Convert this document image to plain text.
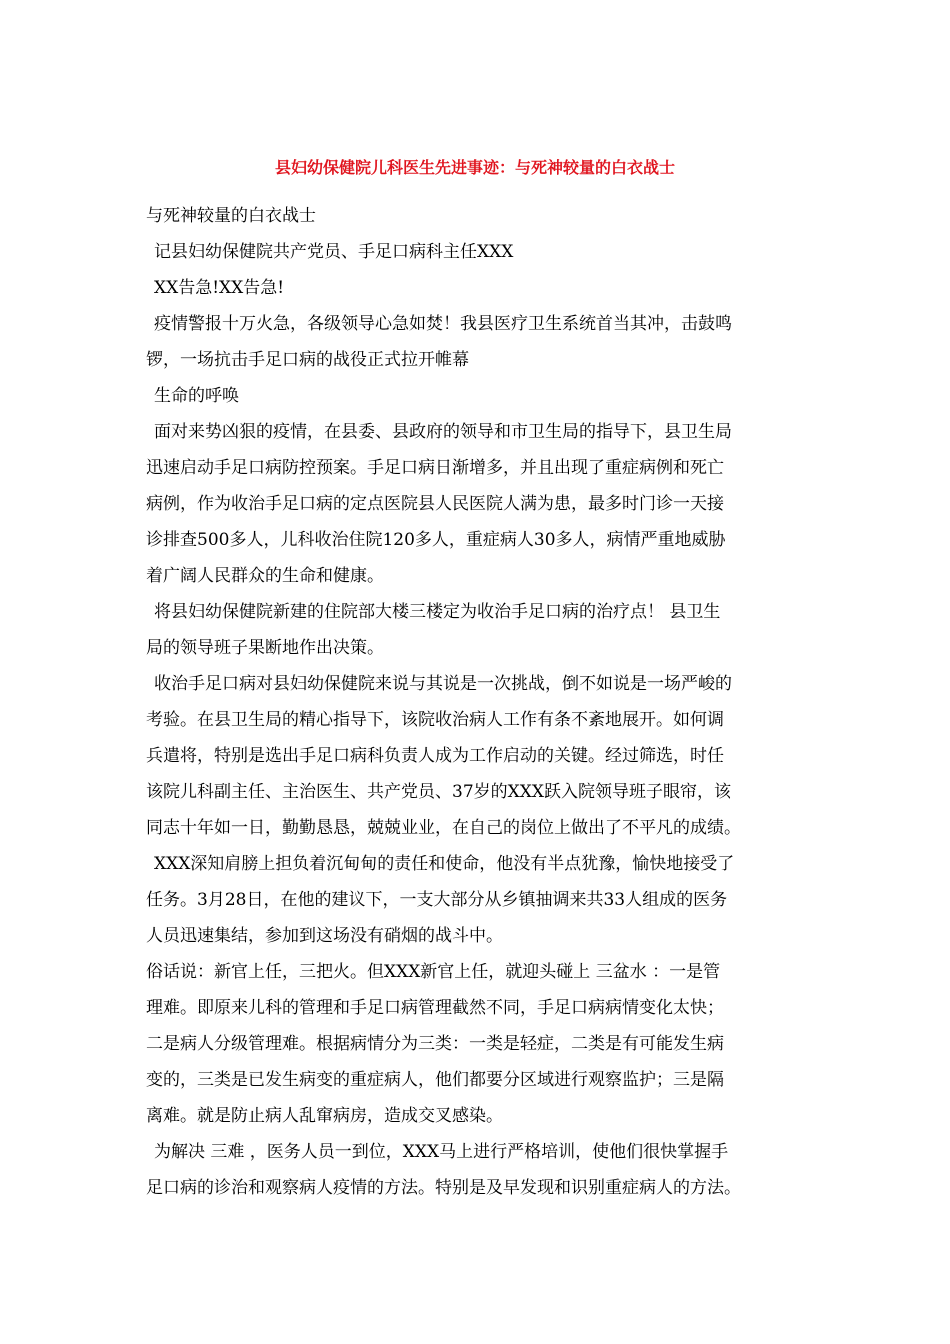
县妇幼保健院儿科医生先进事迹：与死神较量的白衣战士
与死神较量的白衣战士
记县妇幼保健院共产党员、手足口病科主任XXX
XX告急!XX告急!
疫情警报十万火急，各级领导心急如焚！我县医疗卫生系统首当其冲，击鼓鸣
锣，一场抗击手足口病的战役正式拉开帷幕
生命的呼唤
面对来势凶狠的疫情，在县委、县政府的领导和市卫生局的指导下，县卫生局
迅速启动手足口病防控预案。手足口病日渐增多，并且出现了重症病例和死亡
病例，作为收治手足口病的定点医院县人民医院人满为患，最多时门诊一天接
诊排查500多人，儿科收治住院120多人，重症病人30多人，病情严重地威胁
着广阔人民群众的生命和健康。
将县妇幼保健院新建的住院部大楼三楼定为收治手足口病的治疗点！ 县卫生
局的领导班子果断地作出决策。
收治手足口病对县妇幼保健院来说与其说是一次挑战，倒不如说是一场严峻的
考验。在县卫生局的精心指导下，该院收治病人工作有条不紊地展开。如何调
兵遣将，特别是选出手足口病科负责人成为工作启动的关键。经过筛选，时任
该院儿科副主任、主治医生、共产党员、37岁的XXX跃入院领导班子眼帘，该
同志十年如一日，勤勤恳恳，兢兢业业，在自己的岗位上做出了不平凡的成绩。
XXX深知肩膀上担负着沉甸甸的责任和使命，他没有半点犹豫，愉快地接受了
任务。3月28日，在他的建议下，一支大部分从乡镇抽调来共33人组成的医务
人员迅速集结，参加到这场没有硝烟的战斗中。
俗话说：新官上任，三把火。但XXX新官上任，就迎头碰上 三盆水 ：一是管
理难。即原来儿科的管理和手足口病管理截然不同，手足口病病情变化太快；
二是病人分级管理难。根据病情分为三类：一类是轻症，二类是有可能发生病
变的，三类是已发生病变的重症病人，他们都要分区域进行观察监护；三是隔
离难。就是防止病人乱窜病房，造成交叉感染。
为解决 三难 ，医务人员一到位，XXX马上进行严格培训，使他们很快掌握手
足口病的诊治和观察病人疫情的方法。特别是及早发现和识别重症病人的方法。
